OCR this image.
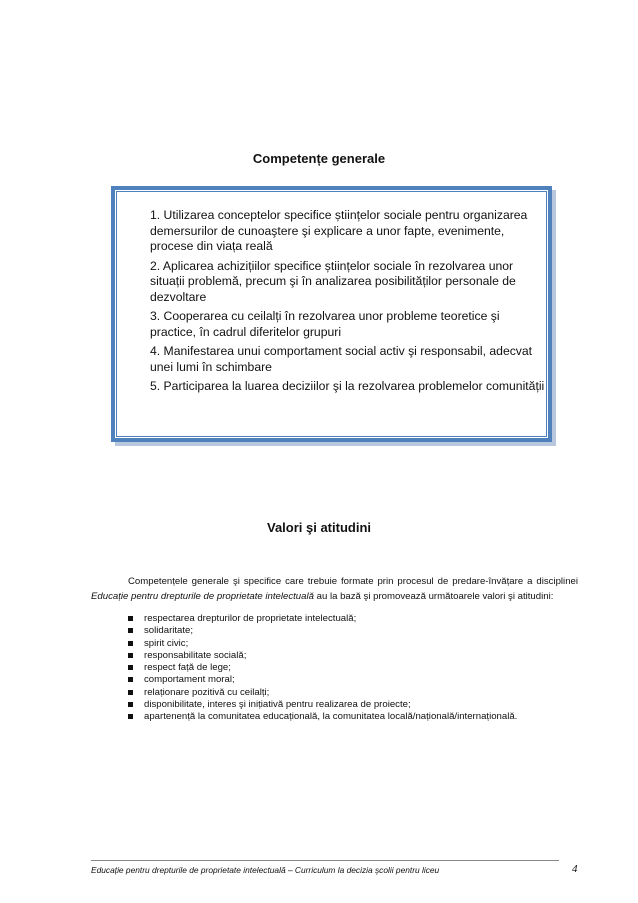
Competențe generale
1. Utilizarea conceptelor specifice științelor sociale pentru organizarea demersurilor de cunoaştere şi explicare a unor fapte, evenimente, procese din viața reală
2. Aplicarea achizițiilor specifice științelor sociale în rezolvarea unor situații problemă, precum şi în analizarea posibilităților personale de dezvoltare
3. Cooperarea cu ceilalți în rezolvarea unor probleme teoretice şi practice, în cadrul diferitelor grupuri
4. Manifestarea unui comportament social activ şi responsabil, adecvat unei lumi în schimbare
5. Participarea la luarea deciziilor şi la rezolvarea problemelor comunității
Valori şi atitudini

Competențele generale şi specifice care trebuie formate prin procesul de predare-învățare a disciplinei Educație pentru drepturile de proprietate intelectuală au la bază şi promovează următoarele valori şi atitudini:

respectarea drepturilor de proprietate intelectuală;
solidaritate;
spirit civic;
responsabilitate socială;
respect față de lege;
comportament moral;
relaționare pozitivă cu ceilalți;
disponibilitate, interes şi inițiativă pentru realizarea de proiecte;
apartenență la comunitatea educațională, la comunitatea locală/națională/internațională.
Educație pentru drepturile de proprietate intelectuală – Curriculum la decizia şcolii pentru liceu	4
